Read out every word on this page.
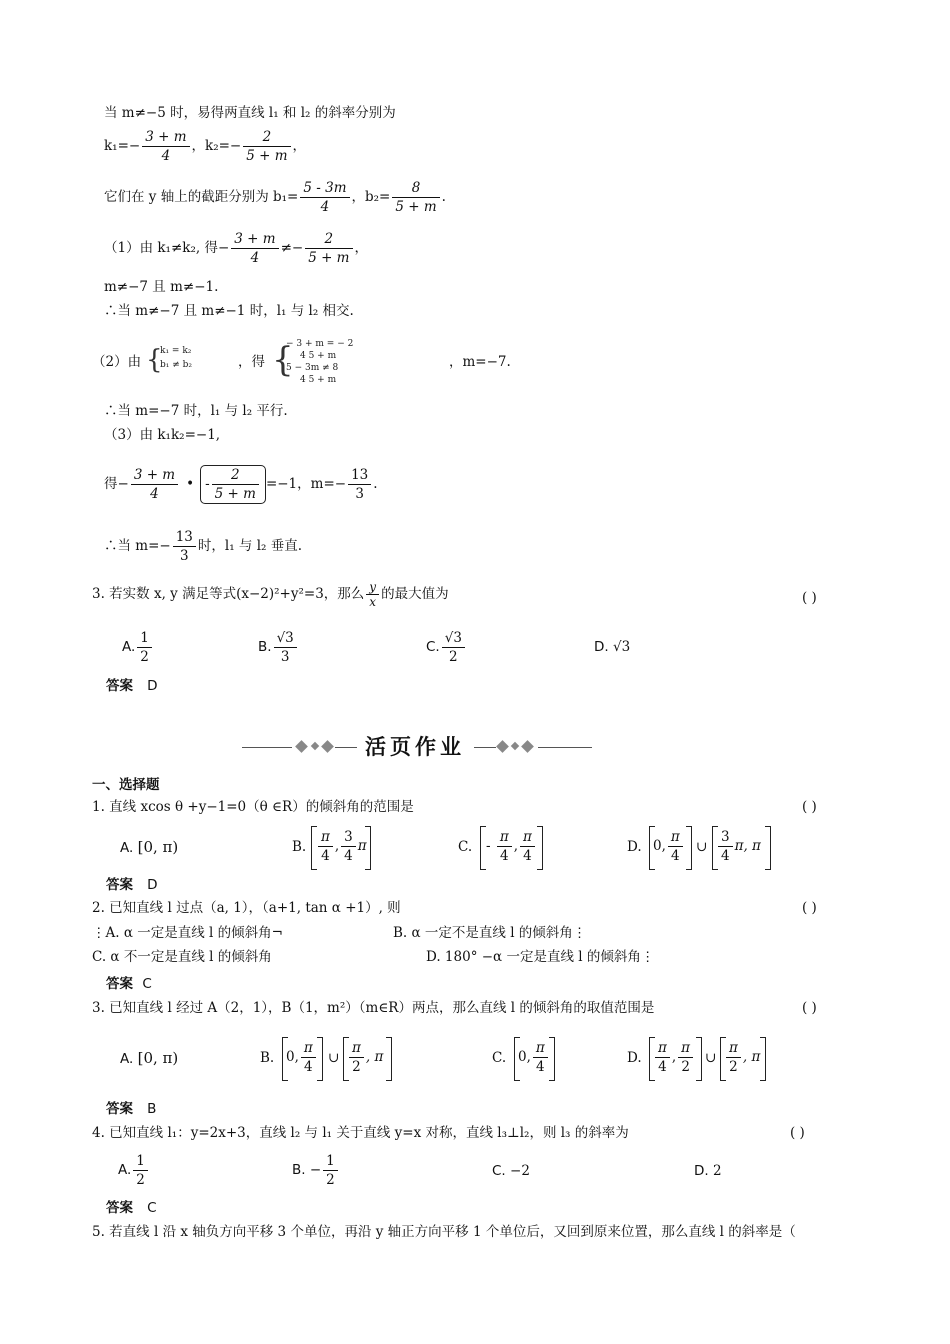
当 m≠−5 时，易得两直线 l₁ 和 l₂ 的斜率分别为
$k_1=- \frac{3 + m}{4}$ ，$k_2=- \frac{2}{5 + m}$ ，
它们在 y 轴上的截距分别为 $b_1= \frac{5 - 3m}{4}$ ，$b_2= \frac{8}{5 + m}$ .
（1）由 k₁≠k₂, 得− $\frac{3 + m}{4} \ne- \frac{2}{5 + m}$ ，
m≠−7 且 m≠−1.
∴当 m≠−7 且 m≠−1 时，l₁ 与 l₂ 相交.
（2）由 {
k₁ = k₂
b₁ ≠ b₂	，得 {
− 3 + m = − 2
4 5 + m
5 − 3m ≠ 8
4 5 + m
，m=−7.
∴当 m=−7 时，l₁ 与 l₂ 平行.
（3）由 k₁k₂=−1,
得− $\frac{3 + m}{4}$ • - $\frac{2}{5 + m} =-1$，$m=- \frac{13}{3}$ .
∴当 $m=- \frac{13}{3}$ 时，l₁ 与 l₂ 垂直.
3. 若实数 x, y 满足等式(x−2)²+y²=3，那么 $\frac{y}{x}$ 的最大值为	( )
A. $\frac{1}{2}$	B. $\frac{√3}{3}$	C. $\frac{√3}{2}$	D. √3
答案 D
活页作业
一、选择题
1. 直线 xcos θ +y−1=0（θ ∈R）的倾斜角的范围是	( )
A. [0, π)	B. $\frac{\pi}{4}$ , $\frac{3}{4}$ π	C. - $\frac{\pi}{4}$ , $\frac{\pi}{4}$	D. 0, $\frac{\pi}{4}$ ∪ $\frac{3}{4} \pi$, π
答案 D
2. 已知直线 l 过点（a, 1），（a+1, tan α +1）, 则	( )
⋮A. α 一定是直线 l 的倾斜角¬	B. α 一定不是直线 l 的倾斜角⋮
C. α 不一定是直线 l 的倾斜角	D. 180° −α 一定是直线 l 的倾斜角⋮
答案 C
3. 已知直线 l 经过 A（2，1），B（1，m²）（m∈R）两点，那么直线 l 的倾斜角的取值范围是	( )
A. [0, π)	B. 0, $\frac{\pi}{4}$ ∪ $\frac{\pi}{2}$ , π	C. 0, $\frac{\pi}{4}$	D. $\frac{\pi}{4}$ , $\frac{\pi}{2}$ ∪ $\frac{\pi}{2}$ , π
答案 B
4. 已知直线 l₁：y=2x+3，直线 l₂ 与 l₁ 关于直线 y=x 对称，直线 l₃⊥l₂，则 l₃ 的斜率为	( )
A. $\frac{1}{2}$	B. − $\frac{1}{2}$	C. −2	D. 2
答案 C
5. 若直线 l 沿 x 轴负方向平移 3 个单位，再沿 y 轴正方向平移 1 个单位后，又回到原来位置，那么直线 l 的斜率是（
